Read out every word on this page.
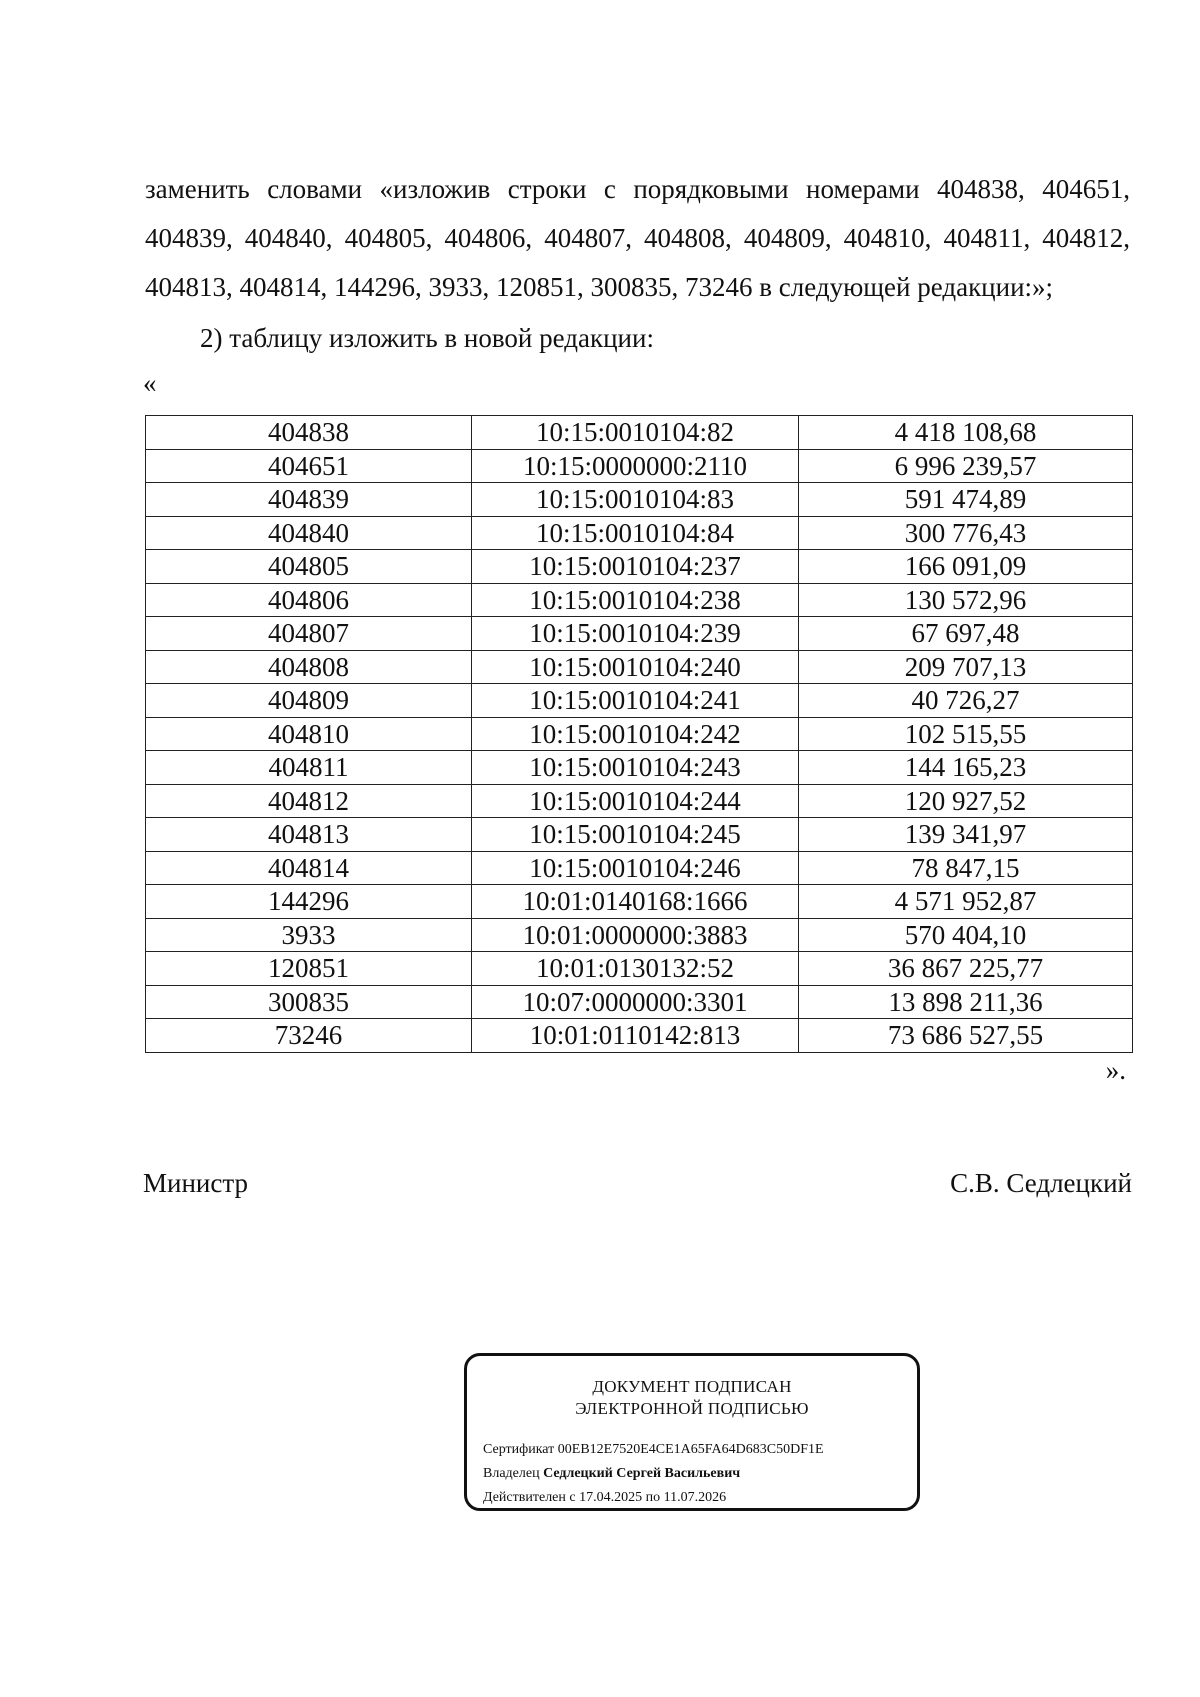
заменить словами «изложив строки с порядковыми номерами 404838, 404651, 404839, 404840, 404805, 404806, 404807, 404808, 404809, 404810, 404811, 404812, 404813, 404814, 144296, 3933, 120851, 300835, 73246 в следующей редакции:»;
2) таблицу изложить в новой редакции:
«
404838	10:15:0010104:82	4 418 108,68
404651	10:15:0000000:2110	6 996 239,57
404839	10:15:0010104:83	591 474,89
404840	10:15:0010104:84	300 776,43
404805	10:15:0010104:237	166 091,09
404806	10:15:0010104:238	130 572,96
404807	10:15:0010104:239	67 697,48
404808	10:15:0010104:240	209 707,13
404809	10:15:0010104:241	40 726,27
404810	10:15:0010104:242	102 515,55
404811	10:15:0010104:243	144 165,23
404812	10:15:0010104:244	120 927,52
404813	10:15:0010104:245	139 341,97
404814	10:15:0010104:246	78 847,15
144296	10:01:0140168:1666	4 571 952,87
3933	10:01:0000000:3883	570 404,10
120851	10:01:0130132:52	36 867 225,77
300835	10:07:0000000:3301	13 898 211,36
73246	10:01:0110142:813	73 686 527,55
».
Министр	С.В. Седлецкий
ДОКУМЕНТ ПОДПИСАН
ЭЛЕКТРОННОЙ ПОДПИСЬЮ
Сертификат 00EB12E7520E4CE1A65FA64D683C50DF1E
Владелец Седлецкий Сергей Васильевич
Действителен с 17.04.2025 по 11.07.2026
